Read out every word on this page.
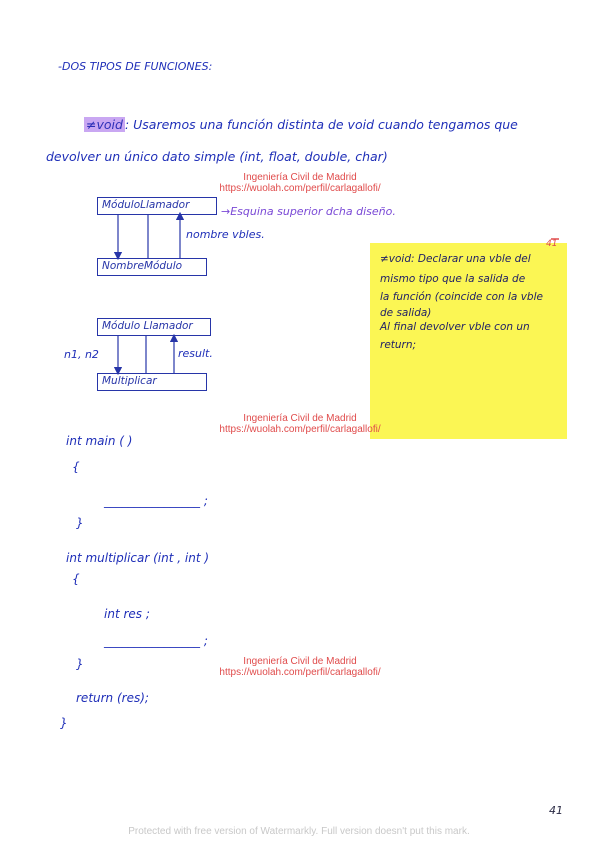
-DOS TIPOS DE FUNCIONES:
≠void : Usaremos una función distinta de void cuando tengamos que
devolver un único dato simple (int, float, double, char)
Ingeniería Civil de Madrid
https://wuolah.com/perfil/carlagallofi/
MóduloLlamador
NombreMódulo
→Esquina superior dcha diseño.
nombre vbles.
Módulo Llamador
Multiplicar
n1, n2	result.
41
≠void: Declarar una vble del
mismo tipo que la salida de
la función (coincide con la vble
de salida)
Al final devolver vble con un
return;
Ingeniería Civil de Madrid
https://wuolah.com/perfil/carlagallofi/
int main ( )
{
________________ ;
}
int multiplicar (int , int )
{
int res ;
________________ ;
}
return (res);
}
Ingeniería Civil de Madrid
https://wuolah.com/perfil/carlagallofi/
41
Protected with free version of Watermarkly. Full version doesn't put this mark.
